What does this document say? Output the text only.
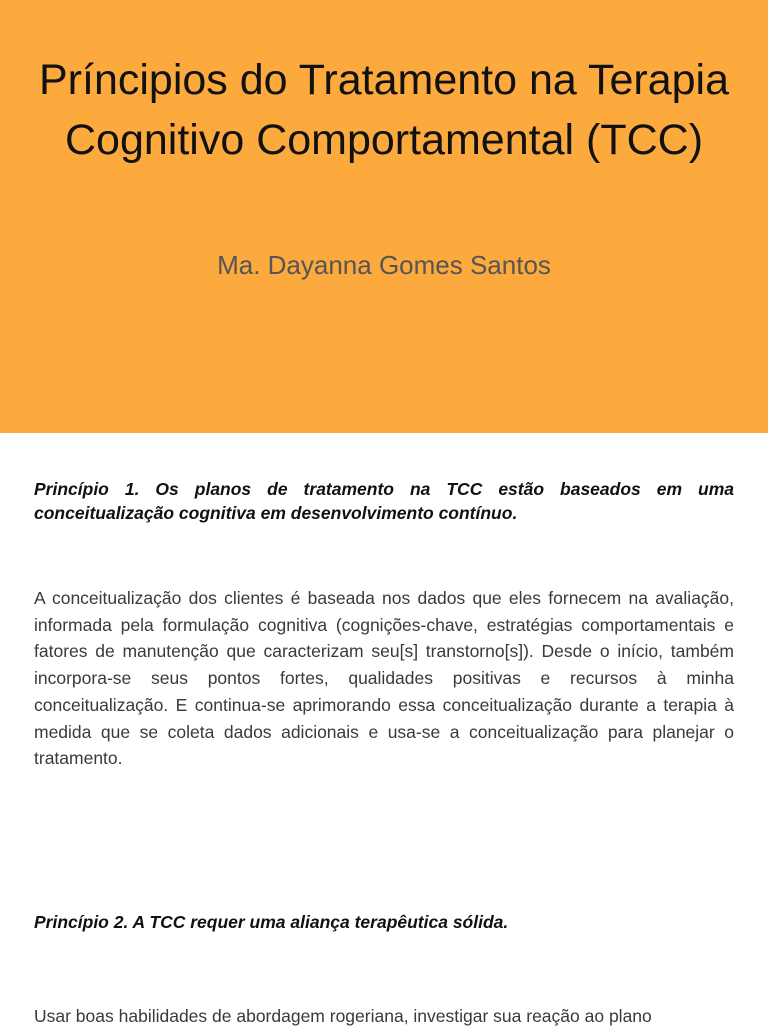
Príncipios do Tratamento na Terapia Cognitivo Comportamental (TCC)
Ma. Dayanna Gomes Santos

Princípio 1. Os planos de tratamento na TCC estão baseados em uma conceitualização cognitiva em desenvolvimento contínuo.

A conceitualização dos clientes é baseada nos dados que eles fornecem na avaliação, informada pela formulação cognitiva (cognições-chave, estratégias comportamentais e fatores de manutenção que caracterizam seu[s] transtorno[s]). Desde o início, também incorpora-se seus pontos fortes, qualidades positivas e recursos à minha conceitualização. E continua-se aprimorando essa conceitualização durante a terapia à medida que se coleta dados adicionais e usa-se a conceitualização para planejar o tratamento.

Princípio 2. A TCC requer uma aliança terapêutica sólida.

Usar boas habilidades de abordagem rogeriana, investigar sua reação ao plano
